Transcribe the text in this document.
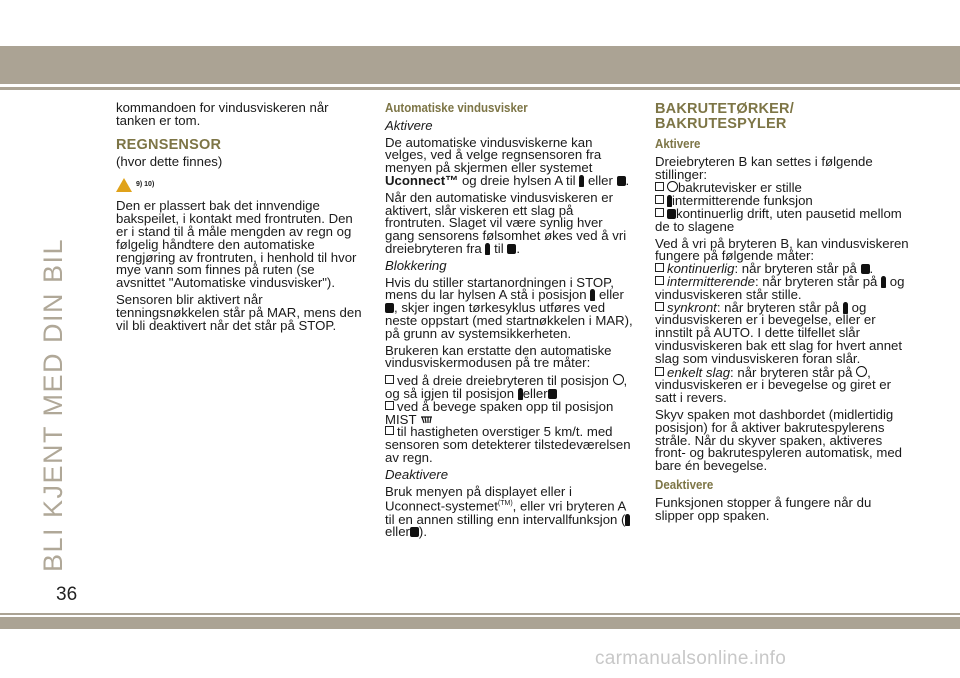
BLI KJENT MED DIN BIL

kommandoen for vindusviskeren når tanken er tom.

REGNSENSOR

(hvor dette finnes)

9) 10)

Den er plassert bak det innvendige bakspeilet, i kontakt med frontruten. Den er i stand til å måle mengden av regn og følgelig håndtere den automatiske rengjøring av frontruten, i henhold til hvor mye vann som finnes på ruten (se avsnittet "Automatiske vindusvisker").

Sensoren blir aktivert når tenningsnøkkelen står på MAR, mens den vil bli deaktivert når det står på STOP.

Automatiske vindusvisker
Aktivere

De automatiske vindusviskerne kan velges, ved å velge regnsensoren fra menyen på skjermen eller systemet Uconnect™ og dreie hylsen A til eller .

Når den automatiske vindusviskeren er aktivert, slår viskeren ett slag på frontruten. Slaget vil være synlig hver gang sensorens følsomhet økes ved å vri dreiebryteren fra til .

Blokkering

Hvis du stiller startanordningen i STOP, mens du lar hylsen A stå i posisjon eller , skjer ingen tørkesyklus utføres ved neste oppstart (med startnøkkelen i MAR), på grunn av systemsikkerheten.

Brukeren kan erstatte den automatiske vindusviskermodusen på tre måter:

ved å dreie dreiebryteren til posisjon , og så igjen til posisjon eller
ved å bevege spaken opp til posisjon MIST
til hastigheten overstiger 5 km/t. med sensoren som detekterer tilstedeværelsen av regn.
Deaktivere

Bruk menyen på displayet eller i Uconnect-systemet$^{(TM)}$, eller vri bryteren A til en annen stilling enn intervallfunksjon ( eller ).

BAKRUTETØRKER/ BAKRUTESPYLER
Aktivere

Dreiebryteren B kan settes i følgende stillinger:

bakrutevisker er stille
intermitterende funksjon
kontinuerlig drift, uten pausetid mellom de to slagene

Ved å vri på bryteren B, kan vindusviskeren fungere på følgende måter:

kontinuerlig: når bryteren står på .
intermitterende: når bryteren står på og vindusviskeren står stille.
synkront: når bryteren står på og vindusviskeren er i bevegelse, eller er innstilt på AUTO. I dette tilfellet slår vindusviskeren bak ett slag for hvert annet slag som vindusviskeren foran slår.
enkelt slag: når bryteren står på , vindusviskeren er i bevegelse og giret er satt i revers.

Skyv spaken mot dashbordet (midlertidig posisjon) for å aktiver bakrutespylerens stråle. Når du skyver spaken, aktiveres front- og bakrutespyleren automatisk, med bare én bevegelse.

Deaktivere

Funksjonen stopper å fungere når du slipper opp spaken.

36
carmanualsonline.info
